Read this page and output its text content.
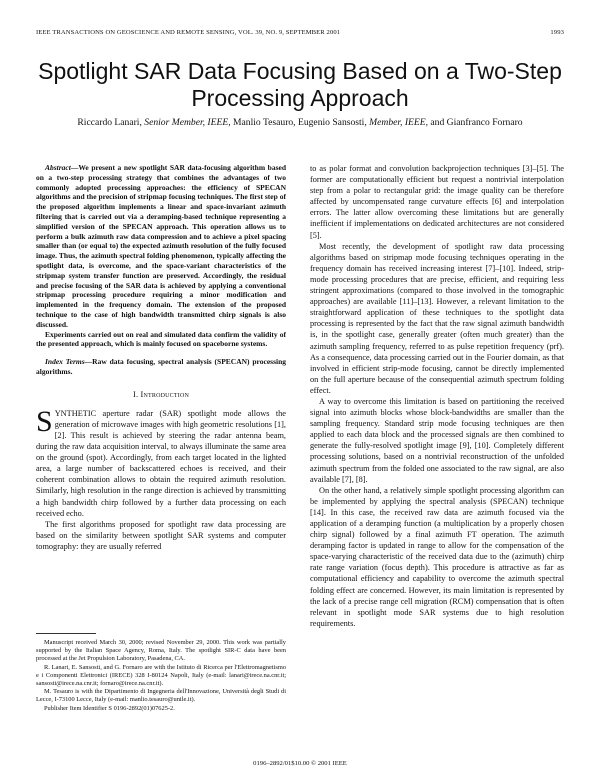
IEEE TRANSACTIONS ON GEOSCIENCE AND REMOTE SENSING, VOL. 39, NO. 9, SEPTEMBER 2001	1993
Spotlight SAR Data Focusing Based on a Two-Step Processing Approach
Riccardo Lanari, Senior Member, IEEE, Manlio Tesauro, Eugenio Sansosti, Member, IEEE, and Gianfranco Fornaro

Abstract—We present a new spotlight SAR data-focusing algorithm based on a two-step processing strategy that combines the advantages of two commonly adopted processing approaches: the efficiency of SPECAN algorithms and the precision of stripmap focusing techniques. The first step of the proposed algorithm implements a linear and space-invariant azimuth filtering that is carried out via a deramping-based technique representing a simplified version of the SPECAN approach. This operation allows us to perform a bulk azimuth raw data compression and to achieve a pixel spacing smaller than (or equal to) the expected azimuth resolution of the fully focused image. Thus, the azimuth spectral folding phenomenon, typically affecting the spotlight data, is overcome, and the space-variant characteristics of the stripmap system transfer function are preserved. Accordingly, the residual and precise focusing of the SAR data is achieved by applying a conventional stripmap processing procedure requiring a minor modification and implemented in the frequency domain. The extension of the proposed technique to the case of high bandwidth transmitted chirp signals is also discussed.

Experiments carried out on real and simulated data confirm the validity of the presented approach, which is mainly focused on spaceborne systems.

Index Terms—Raw data focusing, spectral analysis (SPECAN) processing algorithms.

I. Introduction

SYNTHETIC aperture radar (SAR) spotlight mode allows the generation of microwave images with high geometric resolutions [1], [2]. This result is achieved by steering the radar antenna beam, during the raw data acquisition interval, to always illuminate the same area on the ground (spot). Accordingly, from each target located in the lighted area, a large number of backscattered echoes is received, and their coherent combination allows to obtain the required azimuth resolution. Similarly, high resolution in the range direction is achieved by transmitting a high bandwidth chirp followed by a further data processing on each received echo.

The first algorithms proposed for spotlight raw data processing are based on the similarity between spotlight SAR systems and computer tomography: they are usually referred

Manuscript received March 30, 2000; revised November 29, 2000. This work was partially supported by the Italian Space Agency, Roma, Italy. The spotlight SIR-C data have been processed at the Jet Propulsion Laboratory, Pasadena, CA.

R. Lanari, E. Sansosti, and G. Fornaro are with the Istituto di Ricerca per l'Elettromagnetismo e i Componenti Elettronici (IRECE) 328 I-80124 Napoli, Italy (e-mail: lanari@irece.na.cnr.it; sansosti@irece.na.cnr.it; fornaro@irece.na.cnr.it).

M. Tesauro is with the Dipartimento di Ingegneria dell'Innovazione, Università degli Studi di Lecce, I-73100 Lecce, Italy (e-mail: manlio.tesauro@unile.it).

Publisher Item Identifier S 0196-2892(01)07625-2.

to as polar format and convolution backprojection techniques [3]–[5]. The former are computationally efficient but request a nontrivial interpolation step from a polar to rectangular grid: the image quality can be therefore affected by uncompensated range curvature effects [6] and interpolation errors. The latter allow overcoming these limitations but are generally inefficient if implementations on dedicated architectures are not considered [5].

Most recently, the development of spotlight raw data processing algorithms based on stripmap mode focusing techniques operating in the frequency domain has received increasing interest [7]–[10]. Indeed, strip-mode processing procedures that are precise, efficient, and requiring less stringent approximations (compared to those involved in the tomographic approaches) are available [11]–[13]. However, a relevant limitation to the straightforward application of these techniques to the spotlight data processing is represented by the fact that the raw signal azimuth bandwidth is, in the spotlight case, generally greater (often much greater) than the azimuth sampling frequency, referred to as pulse repetition frequency (prf). As a consequence, data processing carried out in the Fourier domain, as that involved in efficient strip-mode focusing, cannot be directly implemented on the full aperture because of the consequential azimuth spectrum folding effect.

A way to overcome this limitation is based on partitioning the received signal into azimuth blocks whose block-bandwidths are smaller than the sampling frequency. Standard strip mode focusing techniques are then applied to each data block and the processed signals are then combined to generate the fully-resolved spotlight image [9], [10]. Completely different processing solutions, based on a nontrivial reconstruction of the unfolded azimuth spectrum from the folded one associated to the raw signal, are also available [7], [8].

On the other hand, a relatively simple spotlight processing algorithm can be implemented by applying the spectral analysis (SPECAN) technique [14]. In this case, the received raw data are azimuth focused via the application of a deramping function (a multiplication by a properly chosen chirp signal) followed by a final azimuth FT operation. The azimuth deramping factor is updated in range to allow for the compensation of the space-varying characteristic of the received data due to the (azimuth) chirp rate range variation (focus depth). This procedure is attractive as far as computational efficiency and capability to overcome the azimuth spectral folding effect are concerned. However, its main limitation is represented by the lack of a precise range cell migration (RCM) compensation that is often relevant in spotlight mode SAR systems due to high resolution requirements.

0196–2892/01$10.00 © 2001 IEEE
